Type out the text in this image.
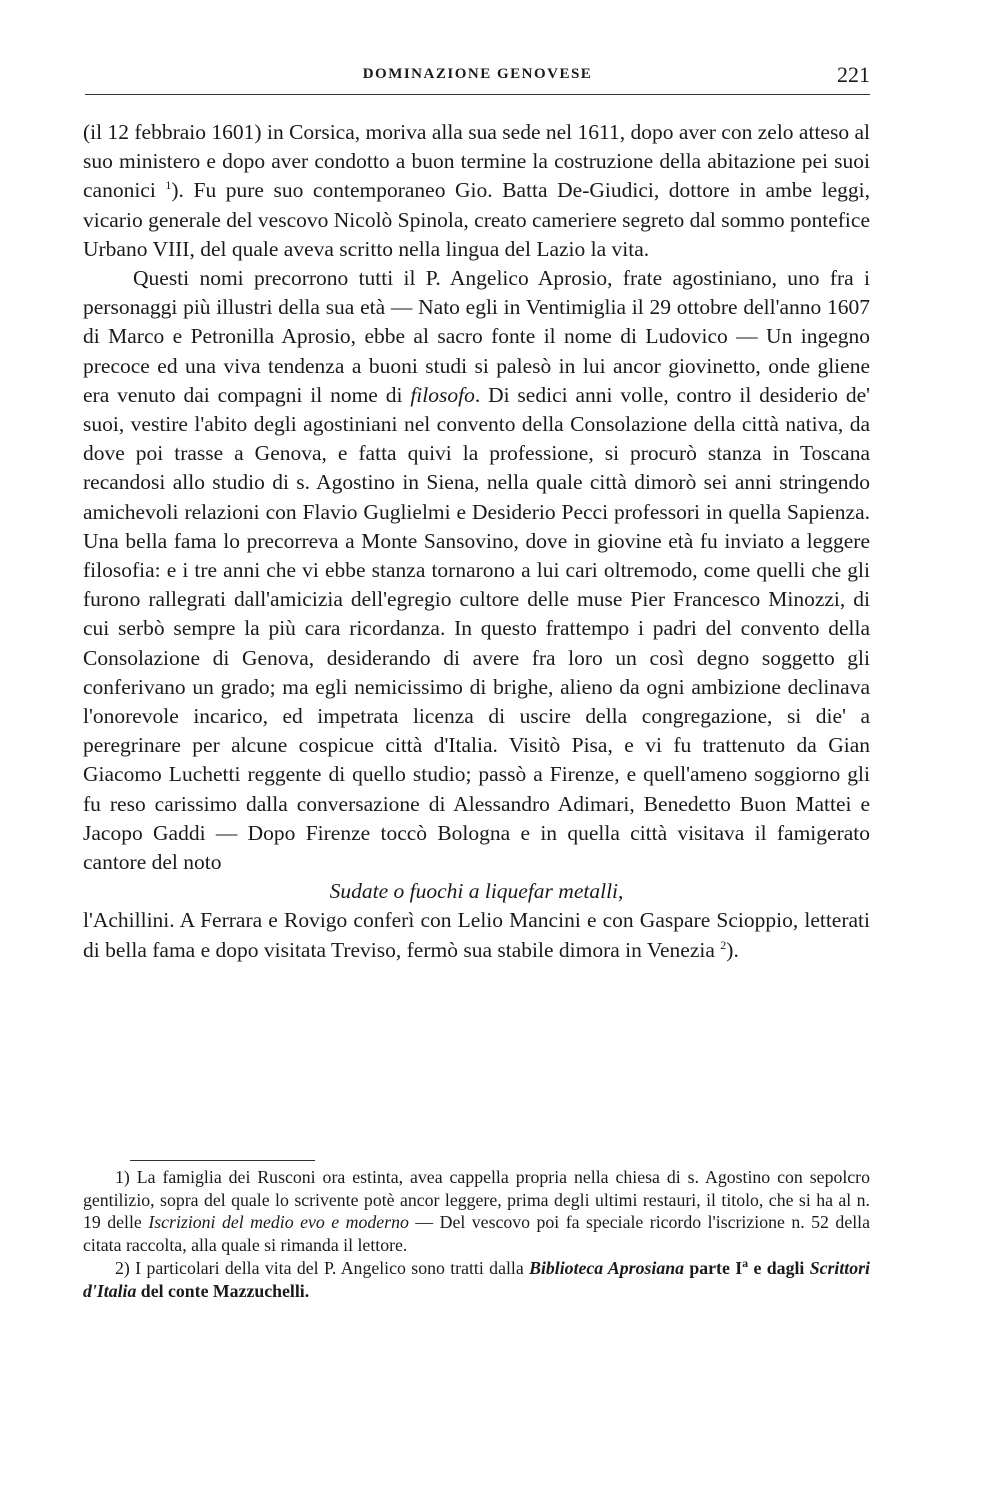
DOMINAZIONE GENOVESE	221

(il 12 febbraio 1601) in Corsica, moriva alla sua sede nel 1611, dopo aver con zelo atteso al suo ministero e dopo aver condotto a buon termine la costruzione della abitazione pei suoi canonici $^1$). Fu pure suo contemporaneo Gio. Batta De-Giudici, dottore in ambe leggi, vicario generale del vescovo Nicolò Spinola, creato cameriere segreto dal sommo pontefice Urbano VIII, del quale aveva scritto nella lingua del Lazio la vita.

Questi nomi precorrono tutti il P. Angelico Aprosio, frate agostiniano, uno fra i personaggi più illustri della sua età — Nato egli in Ventimiglia il 29 ottobre dell'anno 1607 di Marco e Petronilla Aprosio, ebbe al sacro fonte il nome di Ludovico — Un ingegno precoce ed una viva tendenza a buoni studi si palesò in lui ancor giovinetto, onde gliene era venuto dai compagni il nome di filosofo. Di sedici anni volle, contro il desiderio de' suoi, vestire l'abito degli agostiniani nel convento della Consolazione della città nativa, da dove poi trasse a Genova, e fatta quivi la professione, si procurò stanza in Toscana recandosi allo studio di s. Agostino in Siena, nella quale città dimorò sei anni stringendo amichevoli relazioni con Flavio Guglielmi e Desiderio Pecci professori in quella Sapienza. Una bella fama lo precorreva a Monte Sansovino, dove in giovine età fu inviato a leggere filosofia: e i tre anni che vi ebbe stanza tornarono a lui cari oltremodo, come quelli che gli furono rallegrati dall'amicizia dell'egregio cultore delle muse Pier Francesco Minozzi, di cui serbò sempre la più cara ricordanza. In questo frattempo i padri del convento della Consolazione di Genova, desiderando di avere fra loro un così degno soggetto gli conferivano un grado; ma egli nemicissimo di brighe, alieno da ogni ambizione declinava l'onorevole incarico, ed impetrata licenza di uscire della congregazione, si die' a peregrinare per alcune cospicue città d'Italia. Visitò Pisa, e vi fu trattenuto da Gian Giacomo Luchetti reggente di quello studio; passò a Firenze, e quell'ameno soggiorno gli fu reso carissimo dalla conversazione di Alessandro Adimari, Benedetto Buon Mattei e Jacopo Gaddi — Dopo Firenze toccò Bologna e in quella città visitava il famigerato cantore del noto

Sudate o fuochi a liquefar metalli,

l'Achillini. A Ferrara e Rovigo conferì con Lelio Mancini e con Gaspare Scioppio, letterati di bella fama e dopo visitata Treviso, fermò sua stabile dimora in Venezia $^2$).

1) La famiglia dei Rusconi ora estinta, avea cappella propria nella chiesa di s. Agostino con sepolcro gentilizio, sopra del quale lo scrivente potè ancor leggere, prima degli ultimi restauri, il titolo, che si ha al n. 19 delle Iscrizioni del medio evo e moderno — Del vescovo poi fa speciale ricordo l'iscrizione n. 52 della citata raccolta, alla quale si rimanda il lettore.

2) I particolari della vita del P. Angelico sono tratti dalla Biblioteca Aprosiana parte $I^a$ e dagli Scrittori d'Italia del conte Mazzuchelli.
